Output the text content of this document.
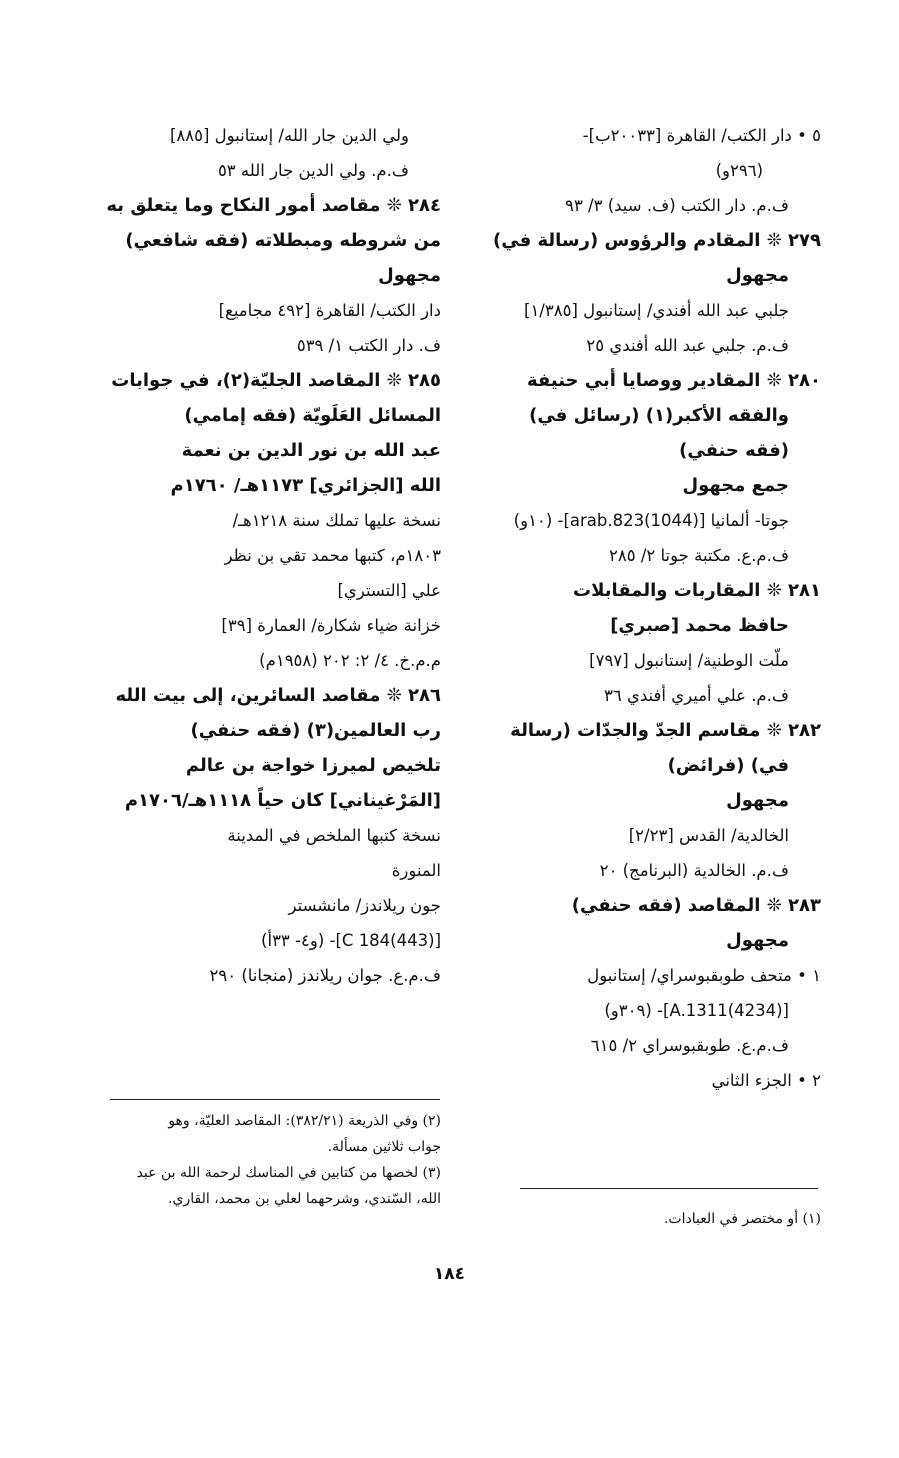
٥ • دار الكتب/ القاهرة [٢٠٠٣٣ب]-
(٢٩٦و)
ف.م. دار الكتب (ف. سيد) ٣/ ٩٣
٢٧٩ ❊ المقادم والرؤوس (رسالة في)
مجهول
جلبي عبد الله أفندي/ إستانبول [١/٣٨٥]
ف.م. جلبي عبد الله أفندي ٢٥
٢٨٠ ❊ المقادير ووصايا أبي حنيفة
والفقه الأكبر(١) (رسائل في)
(فقه حنفي)
جمع مجهول
جوتا- ألمانيا [(1044)arab.823]- (١٠و)
ف.م.ع. مكتبة جوتا ٢/ ٢٨٥
٢٨١ ❊ المقاربات والمقابلات
حافظ محمد [صبري]
ملّت الوطنية/ إستانبول [٧٩٧]
ف.م. علي أميري أفندي ٣٦
٢٨٢ ❊ مقاسم الجدّ والجدّات (رسالة
في) (فرائض)
مجهول
الخالدية/ القدس [٢/٢٣]
ف.م. الخالدية (البرنامج) ٢٠
٢٨٣ ❊ المقاصد (فقه حنفي)
مجهول
١ • متحف طوبقبوسراي/ إستانبول
[(4234)A.1311]- (٣٠٩و)
ف.م.ع. طوبقبوسراي ٢/ ٦١٥
٢ • الجزء الثاني
ولي الدين جار الله/ إستانبول [٨٨٥]
ف.م. ولي الدين جار الله ٥٣
٢٨٤ ❊ مقاصد أمور النكاح وما يتعلق به
من شروطه ومبطلاته (فقه شافعي)
مجهول
دار الكتب/ القاهرة [٤٩٢ مجاميع]
ف. دار الكتب ١/ ٥٣٩
٢٨٥ ❊ المقاصد الجليّة(٢)، في جوابات
المسائل العَلَويّة (فقه إمامي)
عبد الله بن نور الدين بن نعمة
الله [الجزائري] ١١٧٣هـ/ ١٧٦٠م
نسخة عليها تملك سنة ١٢١٨هـ/
١٨٠٣م، كتبها محمد تقي بن نظر
علي [التستري]
خزانة ضياء شكارة/ العمارة [٣٩]
م.م.خ. ٤/ ٢: ٢٠٢ (١٩٥٨م)
٢٨٦ ❊ مقاصد السائرين، إلى بيت الله
رب العالمين(٣) (فقه حنفي)
تلخيص لميرزا خواجة بن عالم
[المَرْغيناني] كان حياً ١١١٨هـ/١٧٠٦م
نسخة كتبها الملخص في المدينة
المنورة
جون ريلاندز/ مانشستر
[C 184(443)]- (و٤- ٣٣أ)
ف.م.ع. جوان ريلاندز (منجانا) ٢٩٠
(٢) وفي الذريعة (٣٨٢/٢١): المقاصد العليّة، وهو
جواب ثلاثين مسألة.
(٣) لخصها من كتابين في المناسك لرحمة الله بن عبد
الله، السّندي، وشرحهما لعلي بن محمد، القاري.
(١) أو مختصر في العبادات.
١٨٤
